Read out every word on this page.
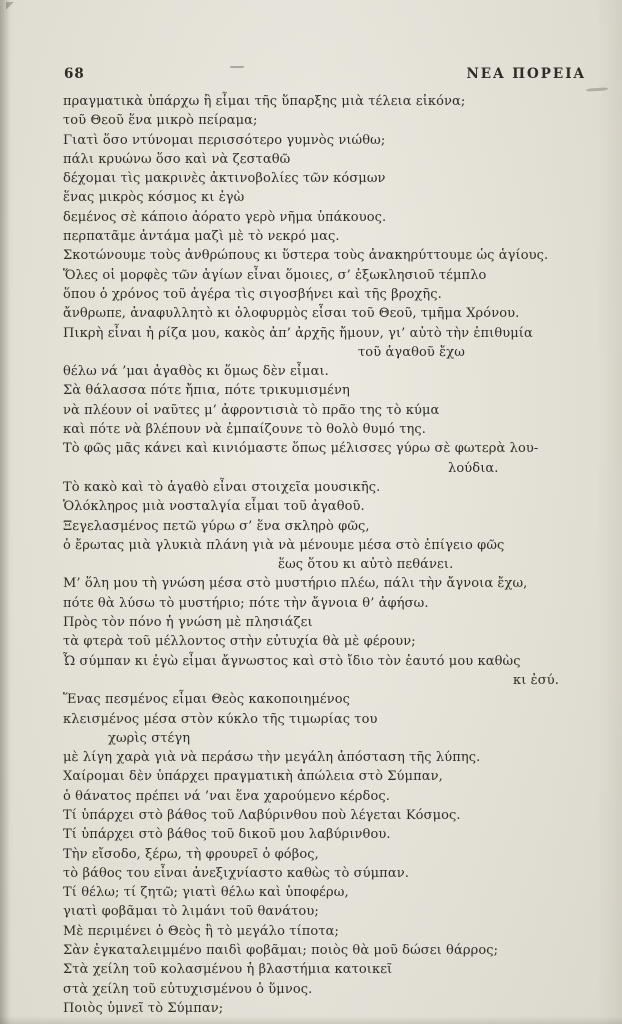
68	ΝΕΑ ΠΟΡΕΙΑ
πραγματικὰ ὑπάρχω ἢ εἶμαι τῆς ὕπαρξης μιὰ τέλεια εἰκόνα;
τοῦ Θεοῦ ἕνα μικρὸ πείραμα;
Γιατὶ ὅσο ντύνομαι περισσότερο γυμνὸς νιώθω;
πάλι κρυώνω ὅσο καὶ νὰ ζεσταθῶ
δέχομαι τὶς μακρινὲς ἀκτινοβολίες τῶν κόσμων
ἕνας μικρὸς κόσμος κι ἐγὼ
δεμένος σὲ κάποιο ἀόρατο γερὸ νῆμα ὑπάκουος.
περπατᾶμε ἀντάμα μαζὶ μὲ τὸ νεκρό μας.
Σκοτώνουμε τοὺς ἀνθρώπους κι ὕστερα τοὺς ἀνακηρύττουμε ὡς ἁγίους.
Ὅλες οἱ μορφὲς τῶν ἁγίων εἶναι ὅμοιες, σ’ ἐξωκλησιοῦ τέμπλο
ὅπου ὁ χρόνος τοῦ ἀγέρα τὶς σιγοσβήνει καὶ τῆς βροχῆς.
ἄνθρωπε, ἀναφυλλητὸ κι ὁλοφυρμὸς εἶσαι τοῦ Θεοῦ, τμῆμα Χρόνου.
Πικρὴ εἶναι ἡ ρίζα μου, κακὸς ἀπ’ ἀρχῆς ἤμουν, γι’ αὐτὸ τὴν ἐπιθυμία
τοῦ ἀγαθοῦ ἔχω
θέλω νά ’μαι ἀγαθὸς κι ὅμως δὲν εἶμαι.
Σὰ θάλασσα πότε ἤπια, πότε τρικυμισμένη
νὰ πλέουν οἱ ναῦτες μ’ ἀφροντισιὰ τὸ πρᾶο της τὸ κύμα
καὶ πότε νὰ βλέπουν νὰ ἐμπαίζουνε τὸ θολὸ θυμό της.
Τὸ φῶς μᾶς κάνει καὶ κινιόμαστε ὅπως μέλισσες γύρω σὲ φωτερὰ λου-
λούδια.
Τὸ κακὸ καὶ τὸ ἀγαθὸ εἶναι στοιχεῖα μουσικῆς.
Ὁλόκληρος μιὰ νοσταλγία εἶμαι τοῦ ἀγαθοῦ.
Ξεγελασμένος πετῶ γύρω σ’ ἕνα σκληρὸ φῶς,
ὁ ἔρωτας μιὰ γλυκιὰ πλάνη γιὰ νὰ μένουμε μέσα στὸ ἐπίγειο φῶς
ἕως ὅτου κι αὐτὸ πεθάνει.
Μ’ ὅλη μου τὴ γνώση μέσα στὸ μυστήριο πλέω, πάλι τὴν ἄγνοια ἔχω,
πότε θὰ λύσω τὸ μυστήριο; πότε τὴν ἄγνοια θ’ ἀφήσω.
Πρὸς τὸν πόνο ἡ γνώση μὲ πλησιάζει
τὰ φτερὰ τοῦ μέλλοντος στὴν εὐτυχία θὰ μὲ φέρουν;
Ὦ σύμπαν κι ἐγὼ εἶμαι ἄγνωστος καὶ στὸ ἴδιο τὸν ἑαυτό μου καθὼς
κι ἐσύ.
Ἕνας πεσμένος εἶμαι Θεὸς κακοποιημένος
κλεισμένος μέσα στὸν κύκλο τῆς τιμωρίας του
χωρὶς στέγη
μὲ λίγη χαρὰ γιὰ νὰ περάσω τὴν μεγάλη ἀπόσταση τῆς λύπης.
Χαίρομαι δὲν ὑπάρχει πραγματικὴ ἀπώλεια στὸ Σύμπαν,
ὁ θάνατος πρέπει νά ’ναι ἕνα χαρούμενο κέρδος.
Τί ὑπάρχει στὸ βάθος τοῦ Λαβύρινθου ποὺ λέγεται Κόσμος.
Τί ὑπάρχει στὸ βάθος τοῦ δικοῦ μου λαβύρινθου.
Τὴν εἴσοδο, ξέρω, τὴ φρουρεῖ ὁ φόβος,
τὸ βάθος του εἶναι ἀνεξιχνίαστο καθὼς τὸ σύμπαν.
Τί θέλω; τί ζητῶ; γιατὶ θέλω καὶ ὑποφέρω,
γιατὶ φοβᾶμαι τὸ λιμάνι τοῦ θανάτου;
Μὲ περιμένει ὁ Θεὸς ἢ τὸ μεγάλο τίποτα;
Σὰν ἐγκαταλειμμένο παιδὶ φοβᾶμαι; ποιὸς θὰ μοῦ δώσει θάρρος;
Στὰ χείλη τοῦ κολασμένου ἡ βλαστήμια κατοικεῖ
στὰ χείλη τοῦ εὐτυχισμένου ὁ ὕμνος.
Ποιὸς ὑμνεῖ τὸ Σύμπαν;
